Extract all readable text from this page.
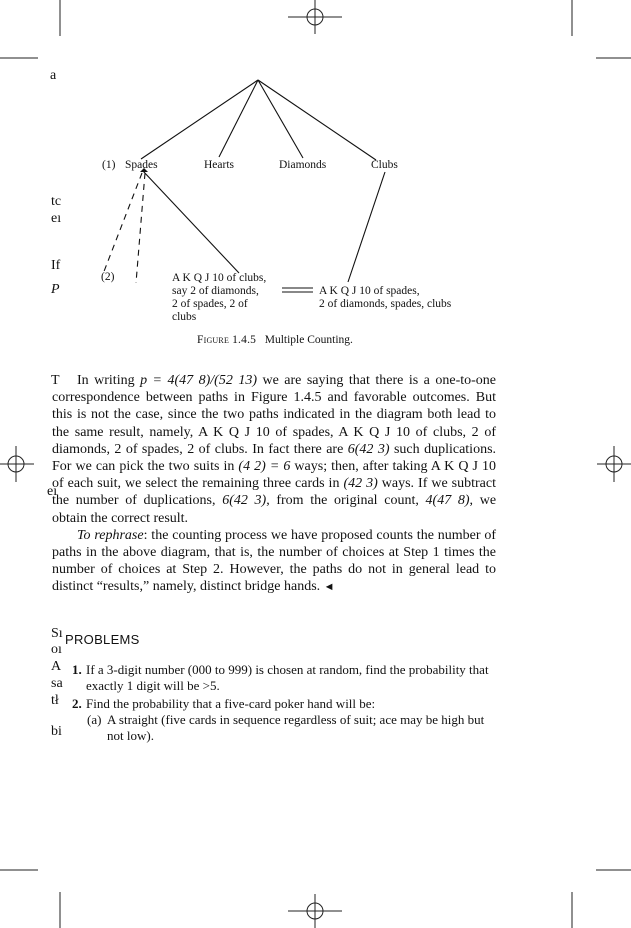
a
tc
eı
If
P
T
eı
Sı
oı
A
sa
tł
bi
(1) Spades	Hearts	Diamonds	Clubs
(2)	A K Q J 10 of clubs,
say 2 of diamonds,
2 of spades, 2 of
clubs
A K Q J 10 of spades,
2 of diamonds, spades, clubs
Figure 1.4.5 Multiple Counting.

In writing p = 4(47 8)/(52 13) we are saying that there is a one-to-one correspondence between paths in Figure 1.4.5 and favorable outcomes. But this is not the case, since the two paths indicated in the diagram both lead to the same result, namely, A K Q J 10 of spades, A K Q J 10 of clubs, 2 of diamonds, 2 of spades, 2 of clubs. In fact there are 6(42 3) such duplications. For we can pick the two suits in (4 2) = 6 ways; then, after taking A K Q J 10 of each suit, we select the remaining three cards in (42 3) ways. If we subtract the number of duplications, 6(42 3), from the original count, 4(47 8), we obtain the correct result.

To rephrase: the counting process we have proposed counts the number of paths in the above diagram, that is, the number of choices at Step 1 times the number of choices at Step 2. However, the paths do not in general lead to distinct “results,” namely, distinct bridge hands. ◄

PROBLEMS
1. If a 3-digit number (000 to 999) is chosen at random, find the probability that exactly 1 digit will be >5.
2. Find the probability that a five-card poker hand will be:
(a) A straight (five cards in sequence regardless of suit; ace may be high but not low).
